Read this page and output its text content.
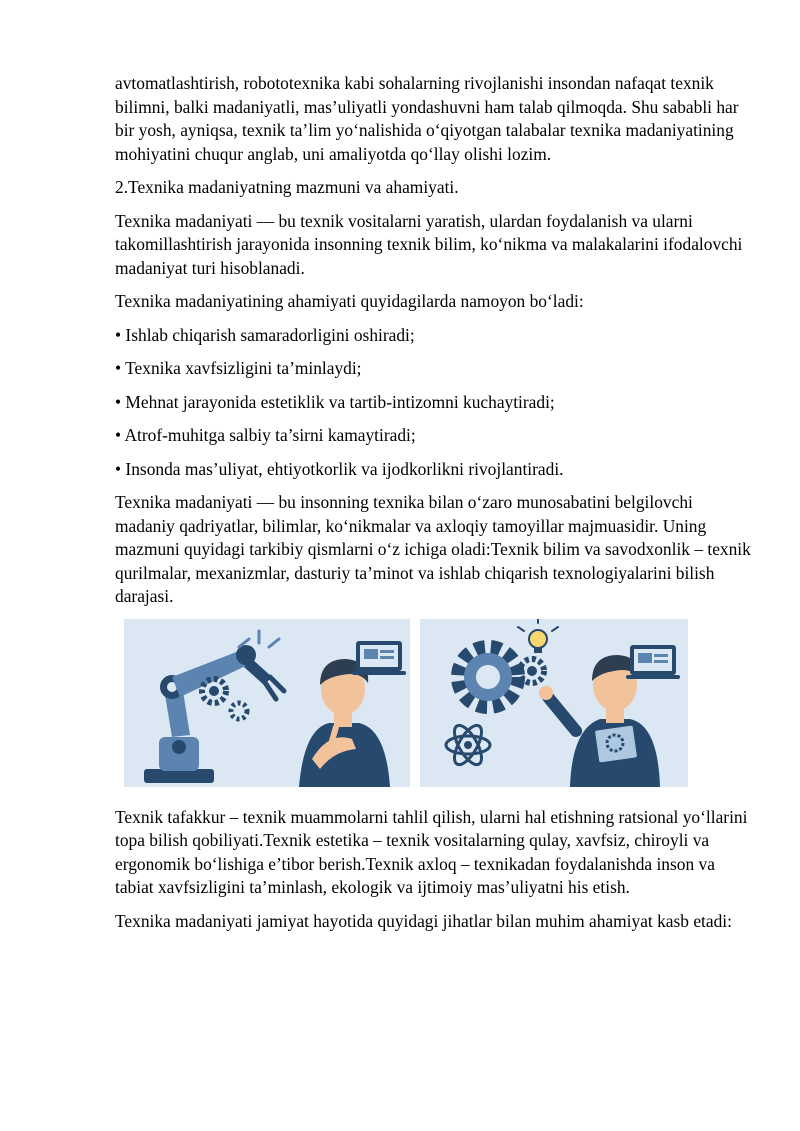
avtomatlashtirish, robototexnika kabi sohalarning rivojlanishi insondan nafaqat texnik bilimni, balki madaniyatli, mas’uliyatli yondashuvni ham talab qilmoqda. Shu sababli har bir yosh, ayniqsa, texnik ta’lim yo‘nalishida o‘qiyotgan talabalar texnika madaniyatining mohiyatini chuqur anglab, uni amaliyotda qo‘llay olishi lozim.

2.Texnika madaniyatning mazmuni va ahamiyati.

Texnika madaniyati — bu texnik vositalarni yaratish, ulardan foydalanish va ularni takomillashtirish jarayonida insonning texnik bilim, ko‘nikma va malakalarini ifodalovchi madaniyat turi hisoblanadi.

Texnika madaniyatining ahamiyati quyidagilarda namoyon bo‘ladi:

• Ishlab chiqarish samaradorligini oshiradi;

• Texnika xavfsizligini ta’minlaydi;

• Mehnat jarayonida estetiklik va tartib-intizomni kuchaytiradi;

• Atrof-muhitga salbiy ta’sirni kamaytiradi;

• Insonda mas’uliyat, ehtiyotkorlik va ijodkorlikni rivojlantiradi.

Texnika madaniyati — bu insonning texnika bilan o‘zaro munosabatini belgilovchi madaniy qadriyatlar, bilimlar, ko‘nikmalar va axloqiy tamoyillar majmuasidir. Uning mazmuni quyidagi tarkibiy qismlarni o‘z ichiga oladi:Texnik bilim va savodxonlik – texnik qurilmalar, mexanizmlar, dasturiy ta’minot va ishlab chiqarish texnologiyalarini bilish darajasi.

Texnik tafakkur – texnik muammolarni tahlil qilish, ularni hal etishning ratsional yo‘llarini topa bilish qobiliyati.Texnik estetika – texnik vositalarning qulay, xavfsiz, chiroyli va ergonomik bo‘lishiga e’tibor berish.Texnik axloq – texnikadan foydalanishda inson va tabiat xavfsizligini ta’minlash, ekologik va ijtimoiy mas’uliyatni his etish.

Texnika madaniyati jamiyat hayotida quyidagi jihatlar bilan muhim ahamiyat kasb etadi:
